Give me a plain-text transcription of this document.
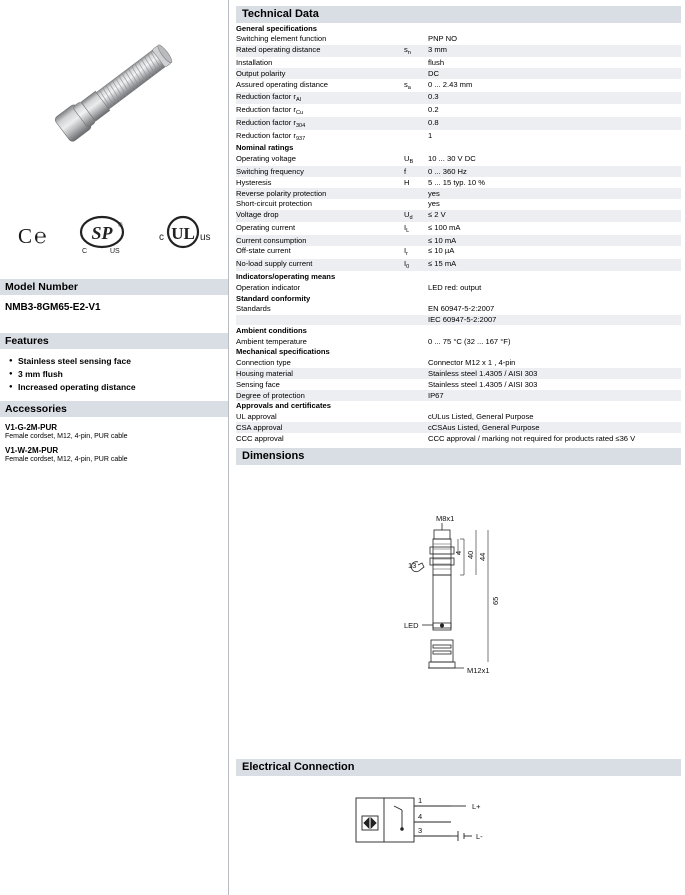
C℮ SP ®
C	US
UL
c	us
Model Number
NMB3-8GM65-E2-V1
Features
● Stainless steel sensing face
● 3 mm flush
● Increased operating distance
Accessories
V1-G-2M-PUR
Female cordset, M12, 4-pin, PUR cable
V1-W-2M-PUR
Female cordset, M12, 4-pin, PUR cable
Technical Data
General specifications		
Switching element function		PNP NO
Rated operating distance	$s_n$	3 mm
Installation		flush
Output polarity		DC
Assured operating distance	$s_a$	0 ... 2.43 mm
Reduction factor $r_{Al}$		0.3
Reduction factor $r_{Cu}$		0.2
Reduction factor $r_{304}$		0.8
Reduction factor $r_{937}$		1
Nominal ratings		
Operating voltage	$U_B$	10 ... 30 V DC
Switching frequency	f	0 ... 360 Hz
Hysteresis	H	5 ... 15 typ. 10 %
Reverse polarity protection		yes
Short-circuit protection		yes
Voltage drop	$U_d$	≤ 2 V
Operating current	$I_L$	≤ 100 mA
Current consumption		≤ 10 mA
Off-state current	$I_r$	≤ 10 µA
No-load supply current	$I_0$	≤ 15 mA
Indicators/operating means		
Operation indicator		LED red: output
Standard conformity		
Standards		EN 60947-5-2:2007
		IEC 60947-5-2:2007
Ambient conditions		
Ambient temperature		0 ... 75 °C (32 ... 167 °F)
Mechanical specifications		
Connection type		Connector M12 x 1 , 4-pin
Housing material		Stainless steel 1.4305 / AISI 303
Sensing face		Stainless steel 1.4305 / AISI 303
Degree of protection		IP67
Approvals and certificates		
UL approval		cULus Listed, General Purpose
CSA approval		cCSAus Listed, General Purpose
CCC approval		CCC approval / marking not required for products rated ≤36 V
Dimensions
M8x1
4 40 44
65
13
LED
M12x1
Electrical Connection
1
4
3
L+
L-
